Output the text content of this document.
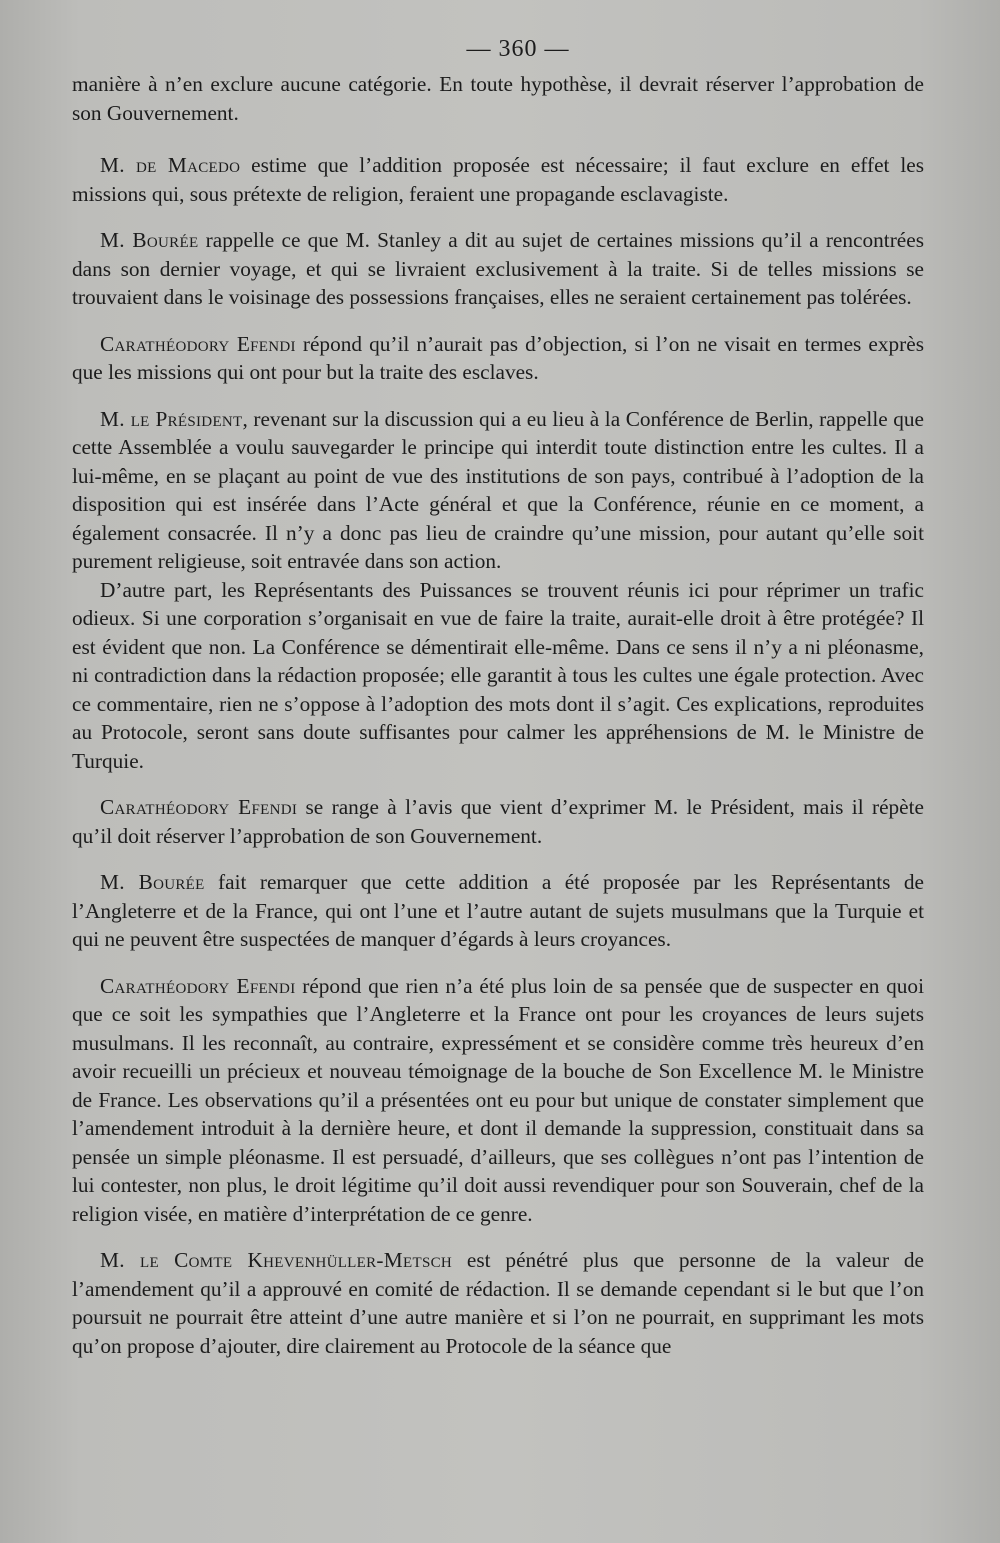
— 360 —

manière à n’en exclure aucune catégorie. En toute hypothèse, il devrait réserver l’approbation de son Gouvernement.

M. de Macedo estime que l’addition proposée est nécessaire; il faut exclure en effet les missions qui, sous prétexte de religion, feraient une propagande esclavagiste.

M. Bourée rappelle ce que M. Stanley a dit au sujet de certaines missions qu’il a rencontrées dans son dernier voyage, et qui se livraient exclusivement à la traite. Si de telles missions se trouvaient dans le voisinage des possessions françaises, elles ne seraient certainement pas tolérées.

Carathéodory Efendi répond qu’il n’aurait pas d’objection, si l’on ne visait en termes exprès que les missions qui ont pour but la traite des esclaves.

M. le Président, revenant sur la discussion qui a eu lieu à la Conférence de Berlin, rappelle que cette Assemblée a voulu sauvegarder le principe qui interdit toute distinction entre les cultes. Il a lui-même, en se plaçant au point de vue des institutions de son pays, contribué à l’adoption de la disposition qui est insérée dans l’Acte général et que la Conférence, réunie en ce moment, a également consacrée. Il n’y a donc pas lieu de craindre qu’une mission, pour autant qu’elle soit purement religieuse, soit entravée dans son action.

D’autre part, les Représentants des Puissances se trouvent réunis ici pour réprimer un trafic odieux. Si une corporation s’organisait en vue de faire la traite, aurait-elle droit à être protégée? Il est évident que non. La Conférence se démentirait elle-même. Dans ce sens il n’y a ni pléonasme, ni contradiction dans la rédaction proposée; elle garantit à tous les cultes une égale protection. Avec ce commentaire, rien ne s’oppose à l’adoption des mots dont il s’agit. Ces explications, reproduites au Protocole, seront sans doute suffisantes pour calmer les appréhensions de M. le Ministre de Turquie.

Carathéodory Efendi se range à l’avis que vient d’exprimer M. le Président, mais il répète qu’il doit réserver l’approbation de son Gouvernement.

M. Bourée fait remarquer que cette addition a été proposée par les Représentants de l’Angleterre et de la France, qui ont l’une et l’autre autant de sujets musulmans que la Turquie et qui ne peuvent être suspectées de manquer d’égards à leurs croyances.

Carathéodory Efendi répond que rien n’a été plus loin de sa pensée que de suspecter en quoi que ce soit les sympathies que l’Angleterre et la France ont pour les croyances de leurs sujets musulmans. Il les reconnaît, au contraire, expressément et se considère comme très heureux d’en avoir recueilli un précieux et nouveau témoignage de la bouche de Son Excellence M. le Ministre de France. Les observations qu’il a présentées ont eu pour but unique de constater simplement que l’amendement introduit à la dernière heure, et dont il demande la suppression, constituait dans sa pensée un simple pléonasme. Il est persuadé, d’ailleurs, que ses collègues n’ont pas l’intention de lui contester, non plus, le droit légitime qu’il doit aussi revendiquer pour son Souverain, chef de la religion visée, en matière d’interprétation de ce genre.

M. le Comte Khevenhüller-Metsch est pénétré plus que personne de la valeur de l’amendement qu’il a approuvé en comité de rédaction. Il se demande cependant si le but que l’on poursuit ne pourrait être atteint d’une autre manière et si l’on ne pourrait, en supprimant les mots qu’on propose d’ajouter, dire clairement au Protocole de la séance que
